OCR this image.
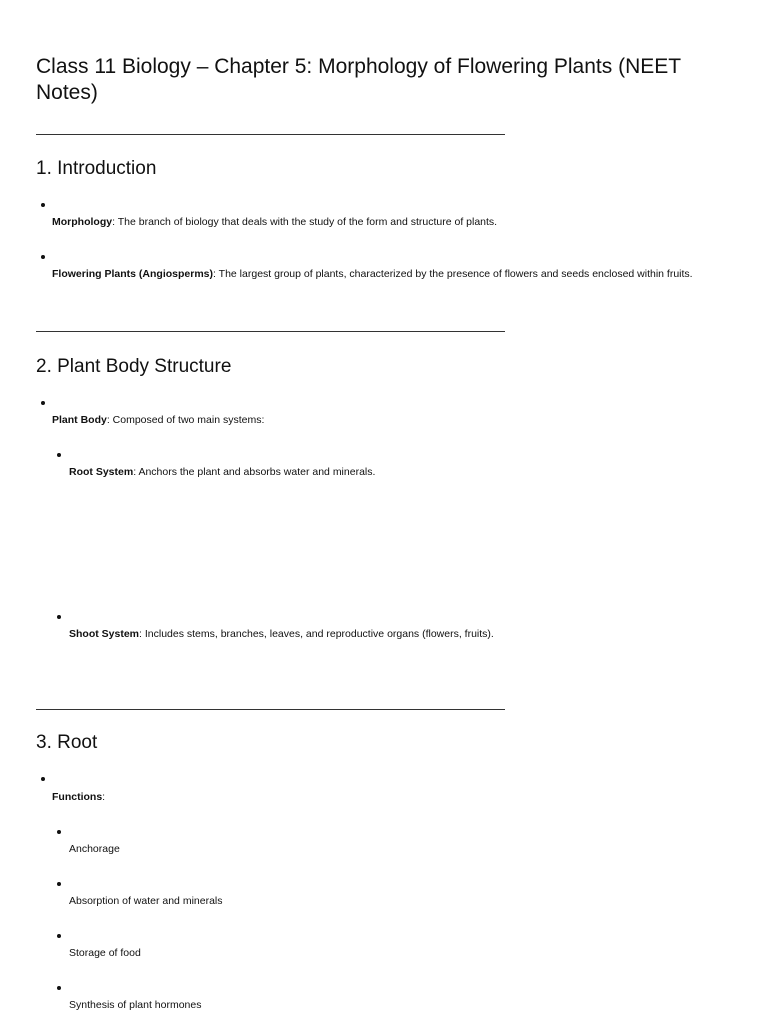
Class 11 Biology – Chapter 5: Morphology of Flowering Plants (NEET Notes)
1. Introduction

Morphology: The branch of biology that deals with the study of the form and structure of plants.

Flowering Plants (Angiosperms): The largest group of plants, characterized by the presence of flowers and seeds enclosed within fruits.

2. Plant Body Structure

Plant Body: Composed of two main systems:

Root System: Anchors the plant and absorbs water and minerals.

Shoot System: Includes stems, branches, leaves, and reproductive organs (flowers, fruits).

3. Root

Functions:

Anchorage

Absorption of water and minerals

Storage of food

Synthesis of plant hormones
